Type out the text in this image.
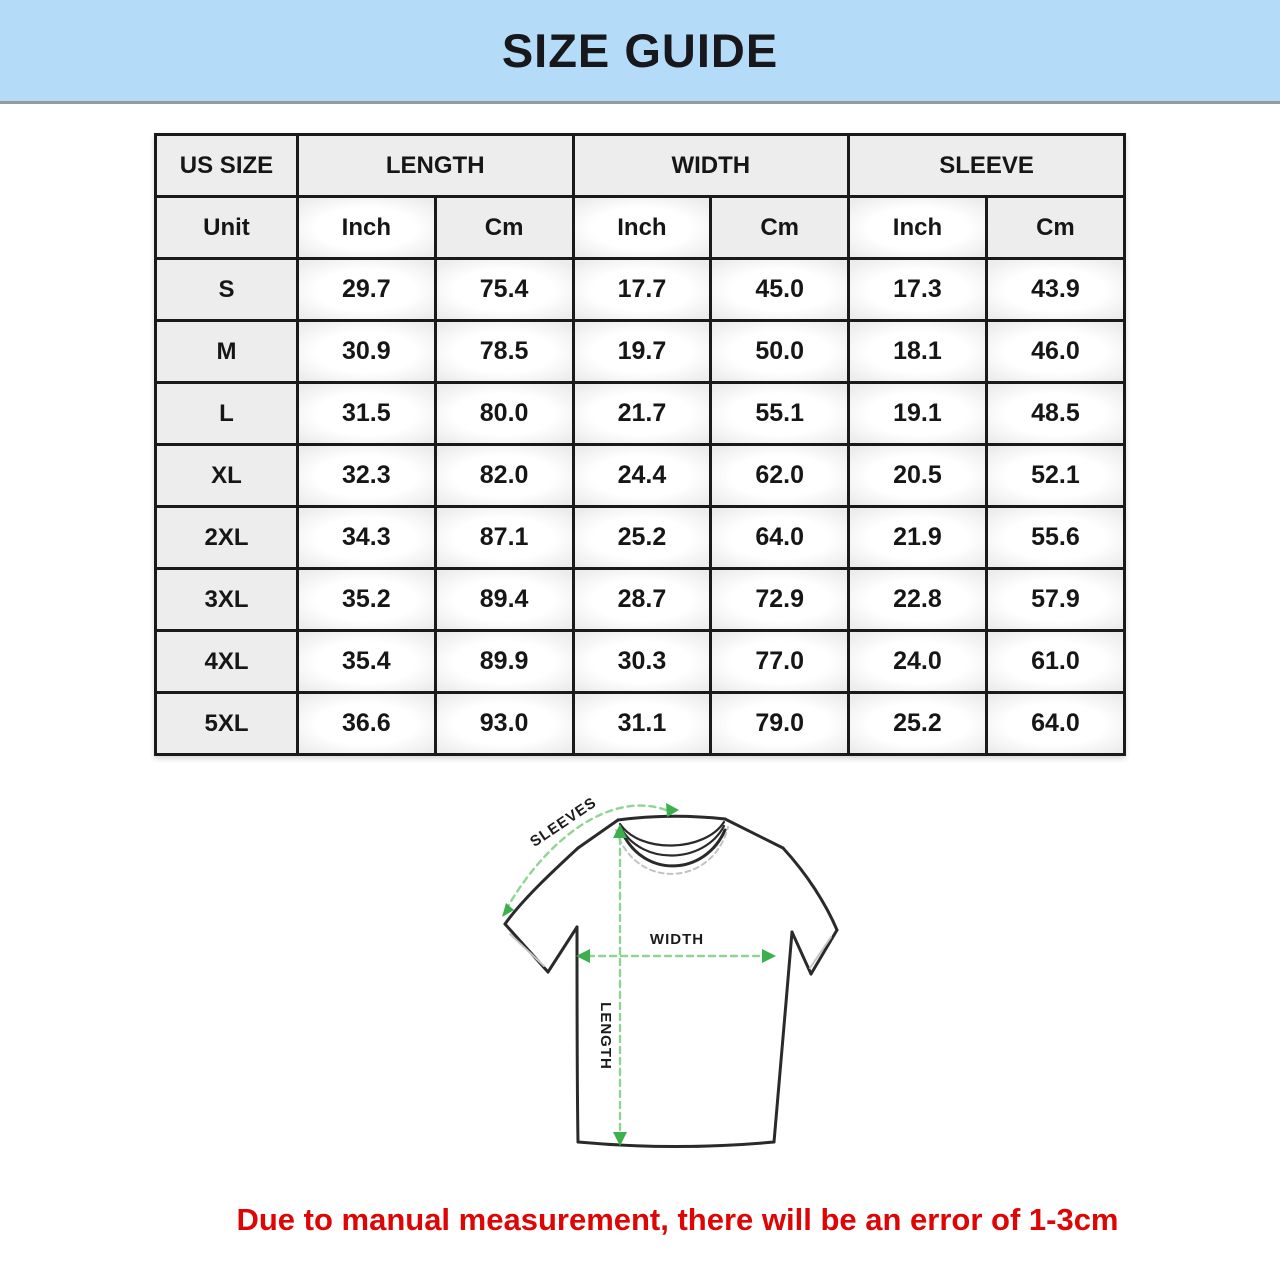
SIZE GUIDE
US SIZE	LENGTH		WIDTH		SLEEVE	
Unit	Inch	Cm	Inch	Cm	Inch	Cm
S	29.7	75.4	17.7	45.0	17.3	43.9
M	30.9	78.5	19.7	50.0	18.1	46.0
L	31.5	80.0	21.7	55.1	19.1	48.5
XL	32.3	82.0	24.4	62.0	20.5	52.1
2XL	34.3	87.1	25.2	64.0	21.9	55.6
3XL	35.2	89.4	28.7	72.9	22.8	57.9
4XL	35.4	89.9	30.3	77.0	24.0	61.0
5XL	36.6	93.0	31.1	79.0	25.2	64.0
SLEEVES
WIDTH
LENGTH
Due to manual measurement, there will be an error of 1-3cm
